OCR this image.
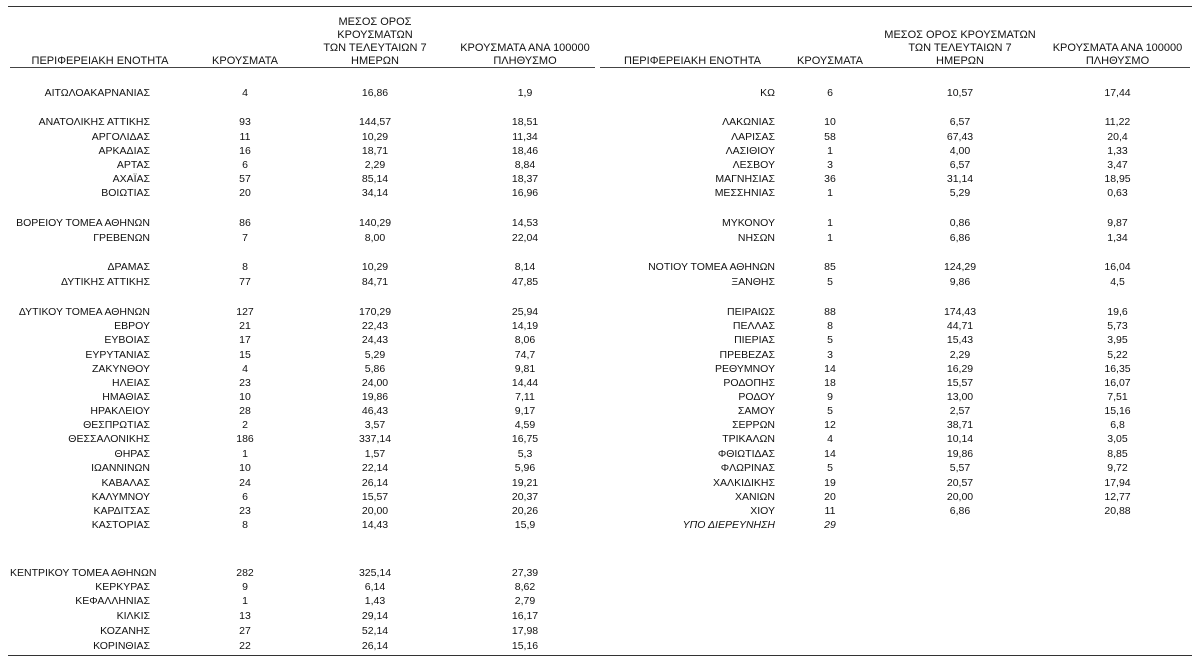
ΠΕΡΙΦΕΡΕΙΑΚΗ ΕΝΟΤΗΤΑ	ΚΡΟΥΣΜΑΤΑ
ΜΕΣΟΣ ΟΡΟΣ ΚΡΟΥΣΜΑΤΩΝ
ΤΩΝ ΤΕΛΕΥΤΑΙΩΝ 7
ΗΜΕΡΩΝ
ΚΡΟΥΣΜΑΤΑ ΑΝΑ 100000
ΠΛΗΘΥΣΜΟ	ΠΕΡΙΦΕΡΕΙΑΚΗ ΕΝΟΤΗΤΑ	ΚΡΟΥΣΜΑΤΑ
ΜΕΣΟΣ ΟΡΟΣ ΚΡΟΥΣΜΑΤΩΝ
ΤΩΝ ΤΕΛΕΥΤΑΙΩΝ 7
ΗΜΕΡΩΝ
ΚΡΟΥΣΜΑΤΑ ΑΝΑ 100000
ΠΛΗΘΥΣΜΟ
ΑΙΤΩΛΟΑΚΑΡΝΑΝΙΑΣ	4	16,86	1,9
ΑΝΑΤΟΛΙΚΗΣ ΑΤΤΙΚΗΣ	93	144,57	18,51
ΑΡΓΟΛΙΔΑΣ	11	10,29	11,34
ΑΡΚΑΔΙΑΣ	16	18,71	18,46
ΑΡΤΑΣ	6	2,29	8,84
ΑΧΑΪΑΣ	57	85,14	18,37
ΒΟΙΩΤΙΑΣ	20	34,14	16,96
ΒΟΡΕΙΟΥ ΤΟΜΕΑ ΑΘΗΝΩΝ	86	140,29	14,53
ΓΡΕΒΕΝΩΝ	7	8,00	22,04
ΔΡΑΜΑΣ	8	10,29	8,14
ΔΥΤΙΚΗΣ ΑΤΤΙΚΗΣ	77	84,71	47,85
ΔΥΤΙΚΟΥ ΤΟΜΕΑ ΑΘΗΝΩΝ	127	170,29	25,94
ΕΒΡΟΥ	21	22,43	14,19
ΕΥΒΟΙΑΣ	17	24,43	8,06
ΕΥΡΥΤΑΝΙΑΣ	15	5,29	74,7
ΖΑΚΥΝΘΟΥ	4	5,86	9,81
ΗΛΕΙΑΣ	23	24,00	14,44
ΗΜΑΘΙΑΣ	10	19,86	7,11
ΗΡΑΚΛΕΙΟΥ	28	46,43	9,17
ΘΕΣΠΡΩΤΙΑΣ	2	3,57	4,59
ΘΕΣΣΑΛΟΝΙΚΗΣ	186	337,14	16,75
ΘΗΡΑΣ	1	1,57	5,3
ΙΩΑΝΝΙΝΩΝ	10	22,14	5,96
ΚΑΒΑΛΑΣ	24	26,14	19,21
ΚΑΛΥΜΝΟΥ	6	15,57	20,37
ΚΑΡΔΙΤΣΑΣ	23	20,00	20,26
ΚΑΣΤΟΡΙΑΣ	8	14,43	15,9
ΚΕΝΤΡΙΚΟΥ ΤΟΜΕΑ ΑΘΗΝΩΝ	282	325,14	27,39
ΚΕΡΚΥΡΑΣ	9	6,14	8,62
ΚΕΦΑΛΛΗΝΙΑΣ	1	1,43	2,79
ΚΙΛΚΙΣ	13	29,14	16,17
ΚΟΖΑΝΗΣ	27	52,14	17,98
ΚΟΡΙΝΘΙΑΣ	22	26,14	15,16
ΚΩ	6	10,57	17,44
ΛΑΚΩΝΙΑΣ	10	6,57	11,22
ΛΑΡΙΣΑΣ	58	67,43	20,4
ΛΑΣΙΘΙΟΥ	1	4,00	1,33
ΛΕΣΒΟΥ	3	6,57	3,47
ΜΑΓΝΗΣΙΑΣ	36	31,14	18,95
ΜΕΣΣΗΝΙΑΣ	1	5,29	0,63
ΜΥΚΟΝΟΥ	1	0,86	9,87
ΝΗΣΩΝ	1	6,86	1,34
ΝΟΤΙΟΥ ΤΟΜΕΑ ΑΘΗΝΩΝ	85	124,29	16,04
ΞΑΝΘΗΣ	5	9,86	4,5
ΠΕΙΡΑΙΩΣ	88	174,43	19,6
ΠΕΛΛΑΣ	8	44,71	5,73
ΠΙΕΡΙΑΣ	5	15,43	3,95
ΠΡΕΒΕΖΑΣ	3	2,29	5,22
ΡΕΘΥΜΝΟΥ	14	16,29	16,35
ΡΟΔΟΠΗΣ	18	15,57	16,07
ΡΟΔΟΥ	9	13,00	7,51
ΣΑΜΟΥ	5	2,57	15,16
ΣΕΡΡΩΝ	12	38,71	6,8
ΤΡΙΚΑΛΩΝ	4	10,14	3,05
ΦΘΙΩΤΙΔΑΣ	14	19,86	8,85
ΦΛΩΡΙΝΑΣ	5	5,57	9,72
ΧΑΛΚΙΔΙΚΗΣ	19	20,57	17,94
ΧΑΝΙΩΝ	20	20,00	12,77
ΧΙΟΥ	11	6,86	20,88
ΥΠΟ ΔΙΕΡΕΥΝΗΣΗ	29
